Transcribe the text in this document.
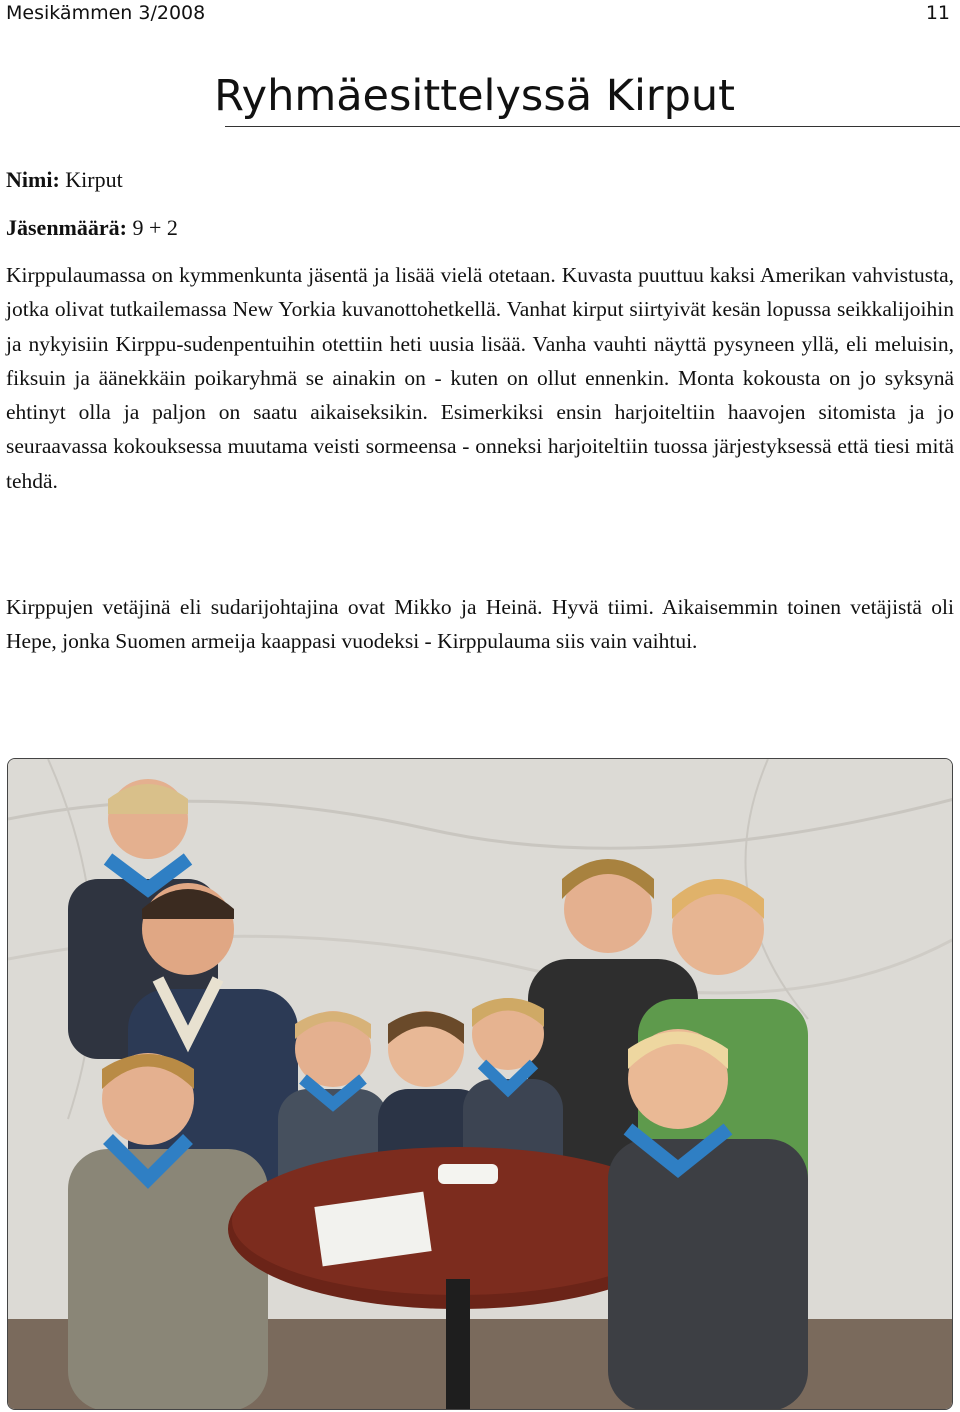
Mesikämmen 3/2008	11
Ryhmäesittelyssä Kirput
Nimi: Kirput
Jäsenmäärä: 9 + 2

Kirppulaumassa on kymmenkunta jäsentä ja lisää vielä otetaan. Kuvasta puuttuu kaksi Amerikan vahvistusta, jotka olivat tutkailemassa New Yorkia kuvanottohetkellä. Vanhat kirput siirtyivät kesän lopussa seikkalijoihin ja nykyisiin Kirppu-sudenpentuihin otettiin heti uusia lisää. Vanha vauhti näyttä pysyneen yllä, eli meluisin, fiksuin ja äänekkäin poikaryhmä se ainakin on - kuten on ollut ennenkin. Monta kokousta on jo syksynä ehtinyt olla ja paljon on saatu aikaiseksikin. Esimerkiksi ensin harjoiteltiin haavojen sitomista ja jo seuraavassa kokouksessa muutama veisti sormeensa - onneksi harjoiteltiin tuossa järjestyksessä että tiesi mitä tehdä.

Kirppujen vetäjinä eli sudarijohtajina ovat Mikko ja Heinä. Hyvä tiimi. Aikaisemmin toinen vetäjistä oli Hepe, jonka Suomen armeija kaappasi vuodeksi - Kirppulauma siis vain vaihtui.
